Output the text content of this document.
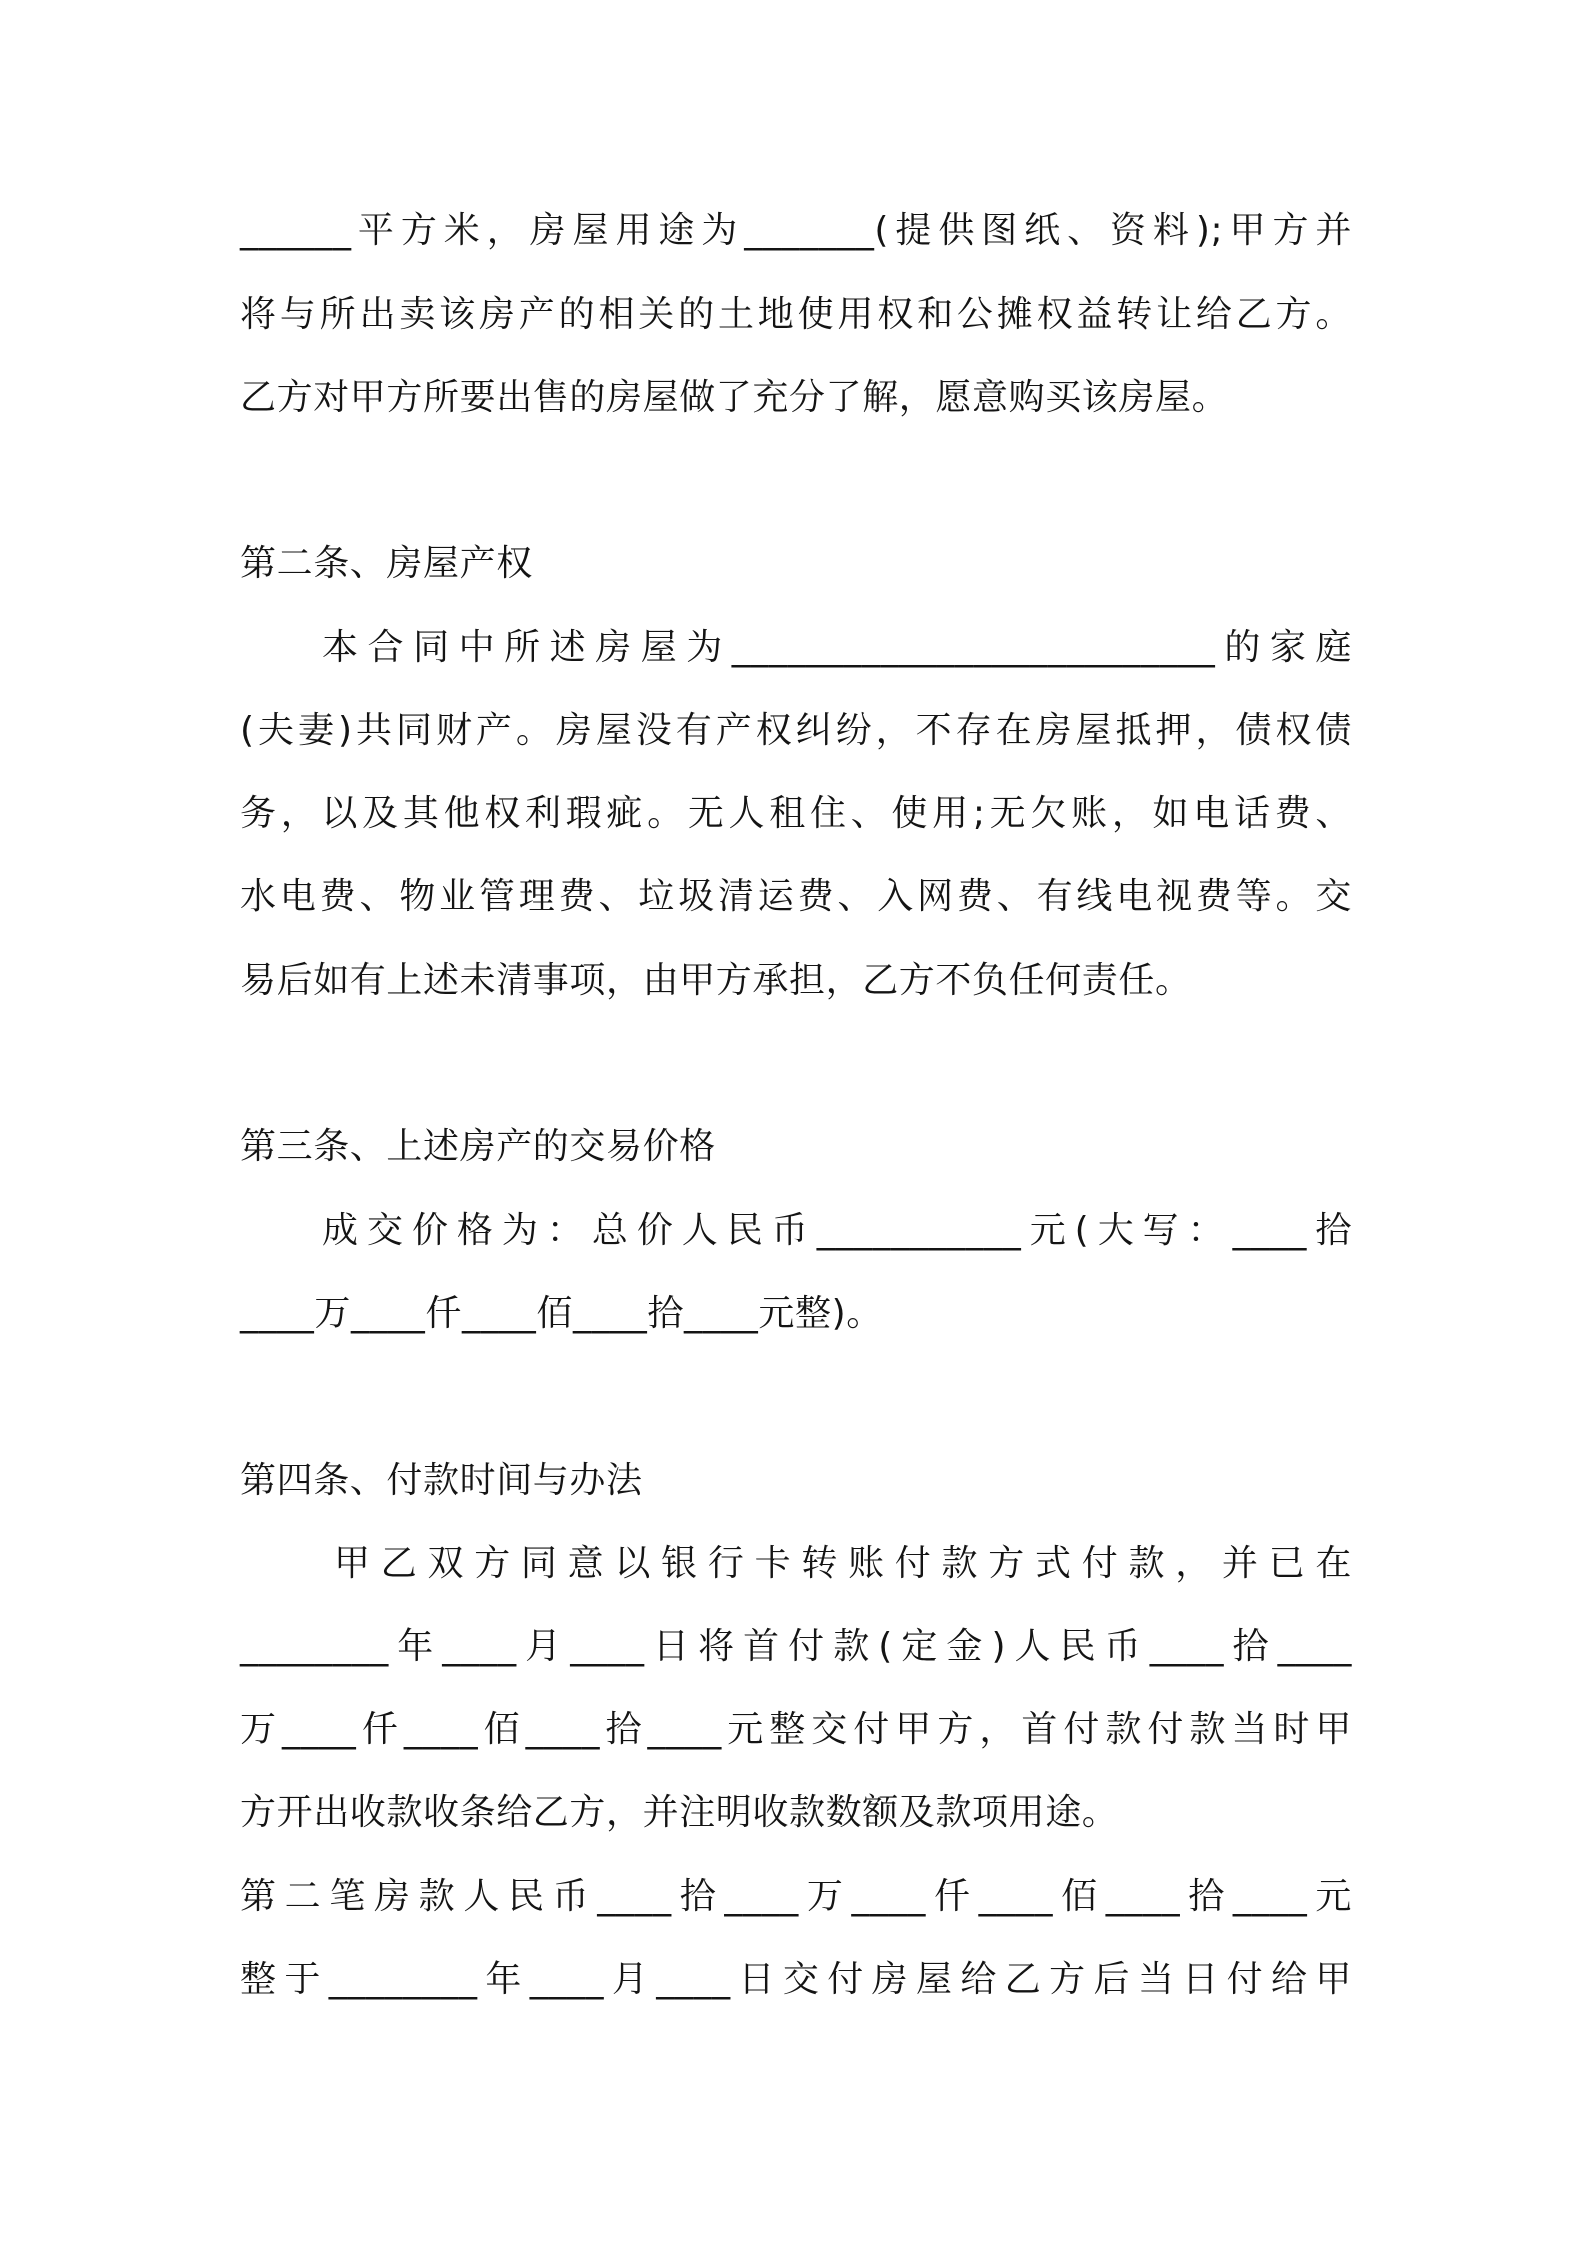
______平方米，房屋用途为_______(提供图纸、资料);甲方并
将与所出卖该房产的相关的土地使用权和公摊权益转让给乙方。
乙方对甲方所要出售的房屋做了充分了解，愿意购买该房屋。
第二条、房屋产权
本合同中所述房屋为__________________________的家庭
(夫妻)共同财产。房屋没有产权纠纷，不存在房屋抵押，债权债
务，以及其他权利瑕疵。无人租住、使用;无欠账，如电话费、
水电费、物业管理费、垃圾清运费、入网费、有线电视费等。交
易后如有上述未清事项，由甲方承担，乙方不负任何责任。
第三条、上述房产的交易价格
成交价格为：总价人民币___________元(大写：____拾
____万____仟____佰____拾____元整)。
第四条、付款时间与办法
甲乙双方同意以银行卡转账付款方式付款，并已在
________年____月____日将首付款(定金)人民币____拾____
万____仟____佰____拾____元整交付甲方，首付款付款当时甲
方开出收款收条给乙方，并注明收款数额及款项用途。
第二笔房款人民币____拾____万____仟____佰____拾____元
整于________年____月____日交付房屋给乙方后当日付给甲
